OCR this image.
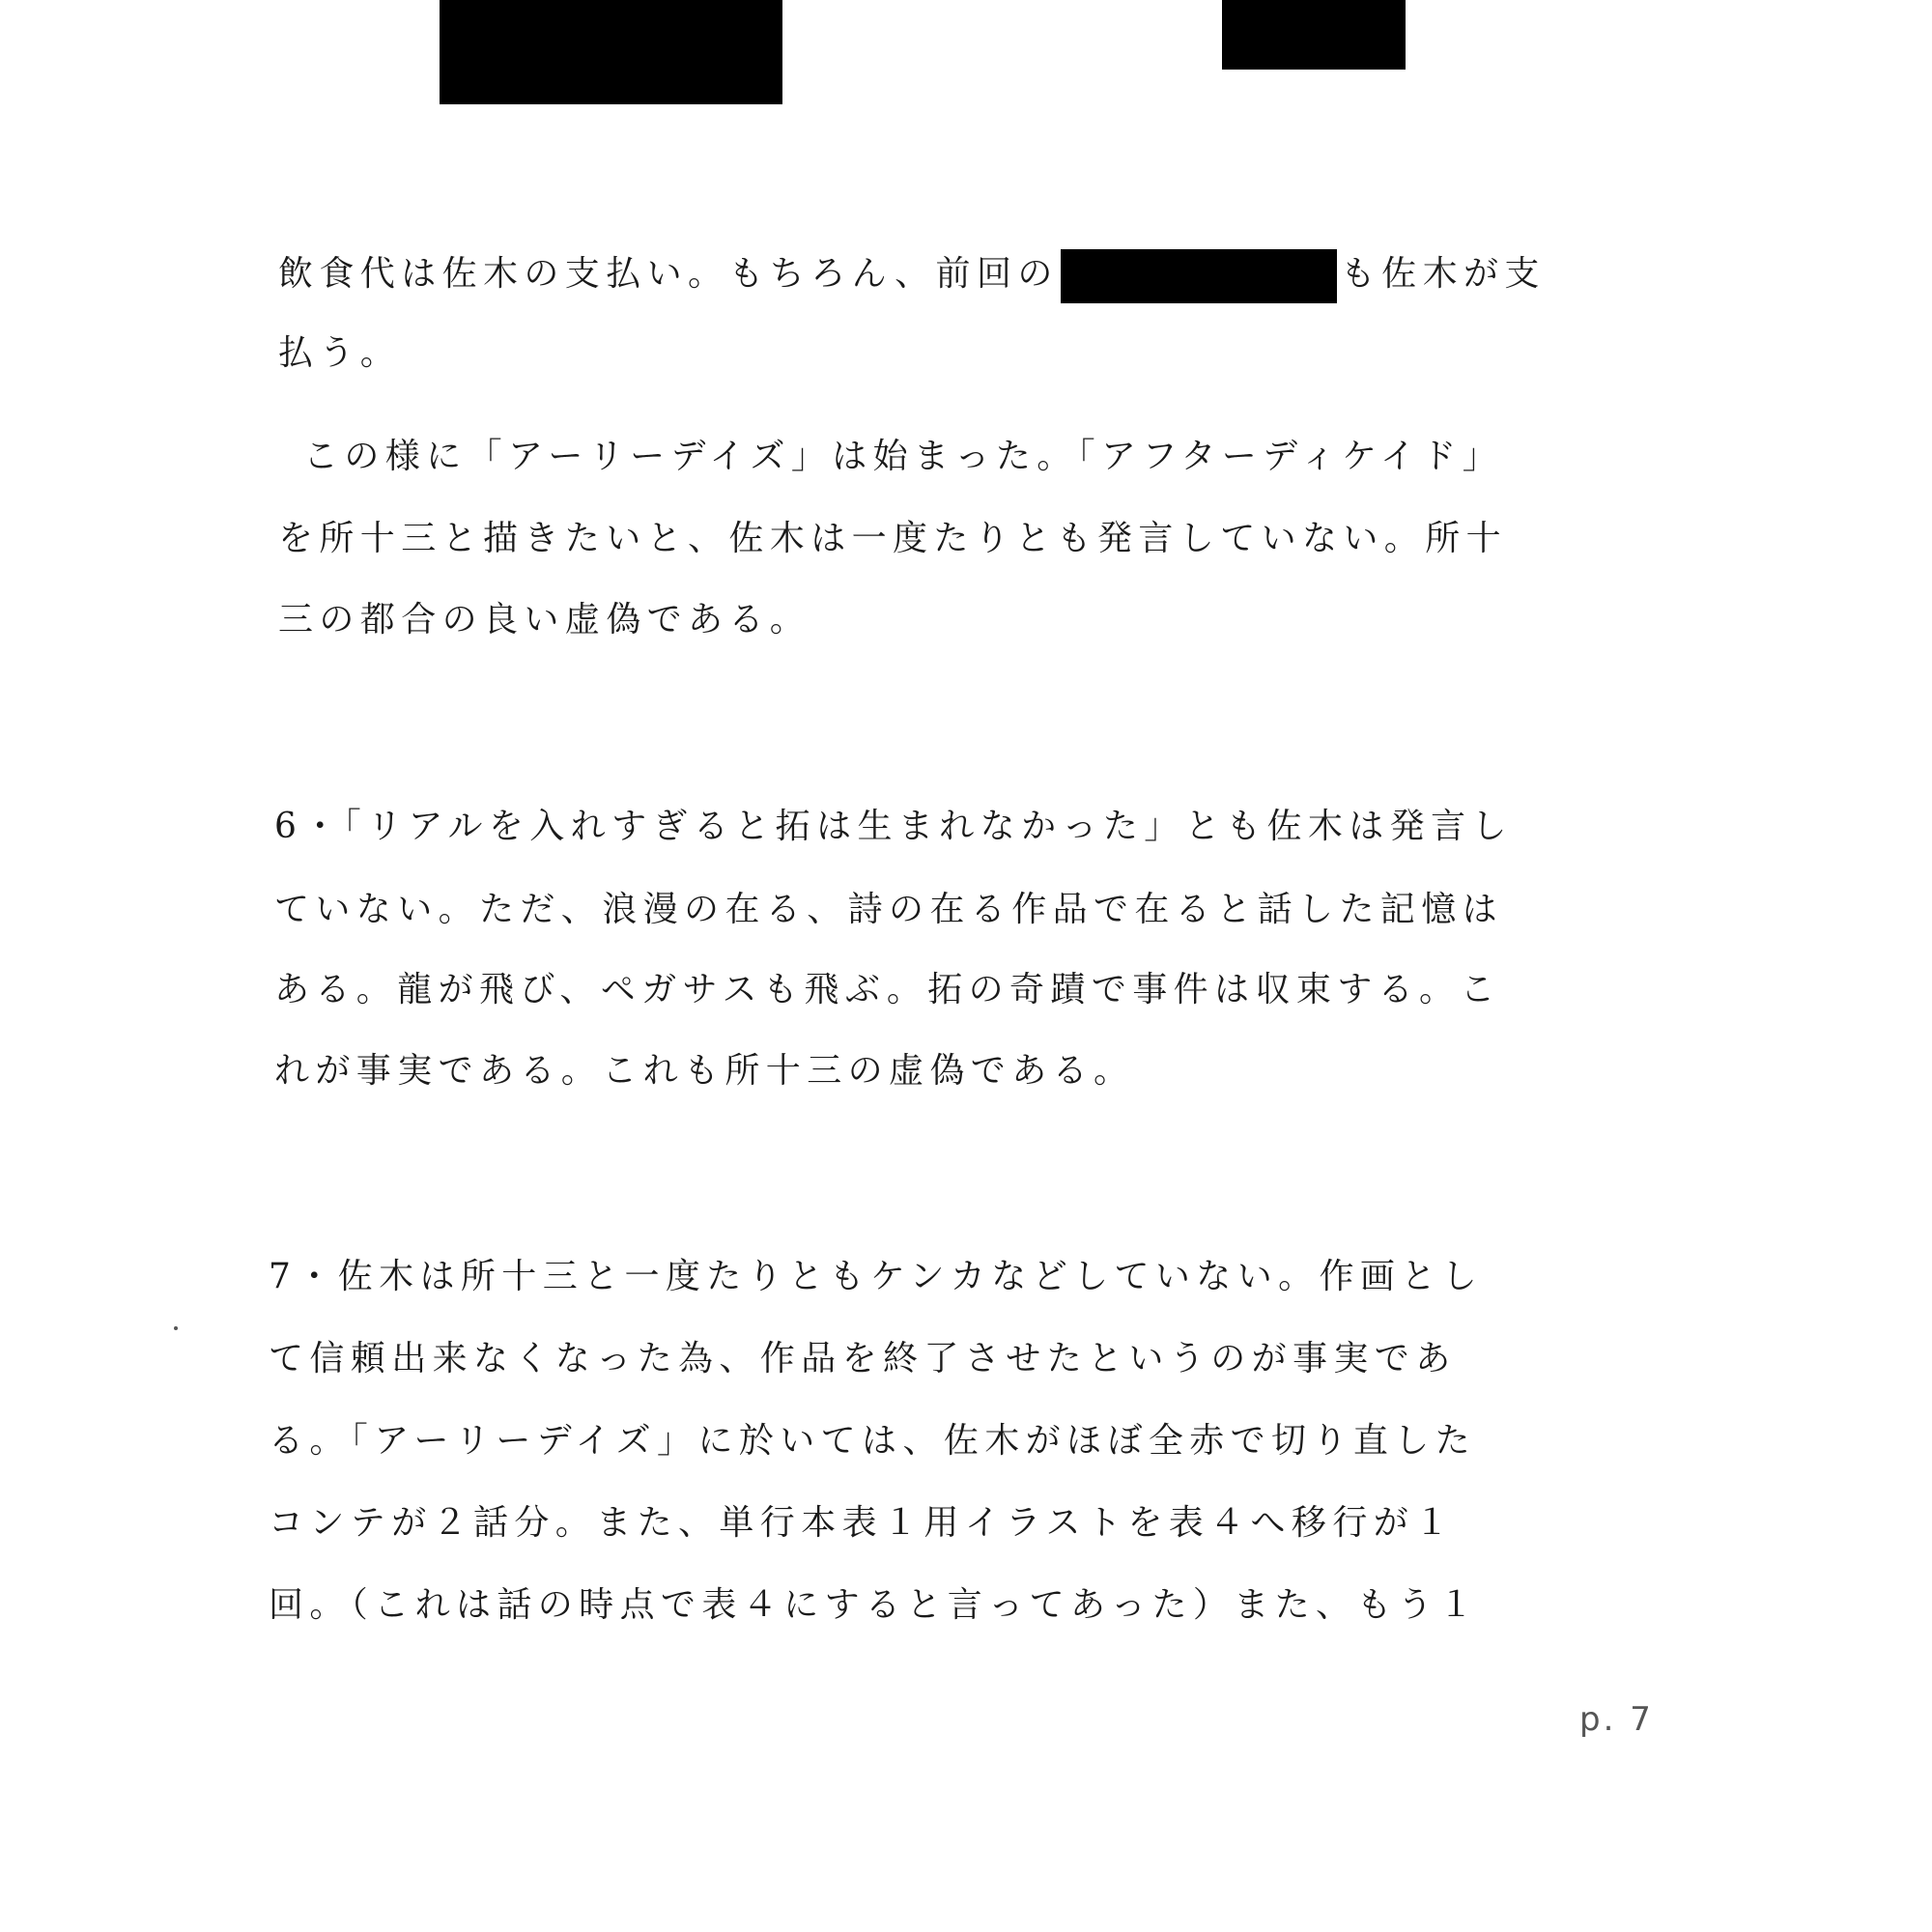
飲食代は佐木の支払い。もちろん、前回の	も佐木が支
払う。
この様に「アーリーデイズ」は始まった。「アフターディケイド」
を所十三と描きたいと、佐木は一度たりとも発言していない。所十
三の都合の良い虚偽である。
6・「リアルを入れすぎると拓は生まれなかった」とも佐木は発言し
ていない。ただ、浪漫の在る、詩の在る作品で在ると話した記憶は
ある。龍が飛び、ペガサスも飛ぶ。拓の奇蹟で事件は収束する。こ
れが事実である。これも所十三の虚偽である。
7・佐木は所十三と一度たりともケンカなどしていない。作画とし
て信頼出来なくなった為、作品を終了させたというのが事実であ
る。「アーリーデイズ」に於いては、佐木がほぼ全赤で切り直した
コンテが２話分。また、単行本表１用イラストを表４へ移行が１
回。（これは話の時点で表４にすると言ってあった）また、もう１
p. 7
